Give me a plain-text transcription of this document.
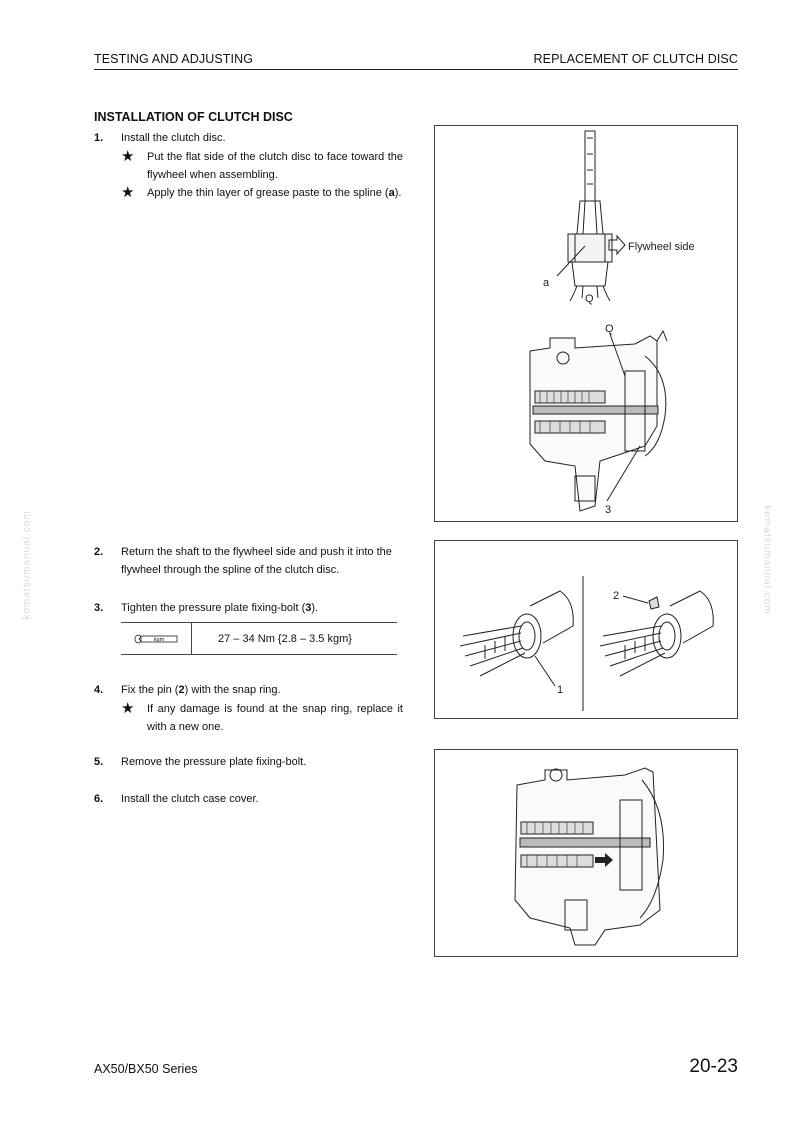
TESTING AND ADJUSTING	REPLACEMENT OF CLUTCH DISC
INSTALLATION OF CLUTCH DISC
1. Install the clutch disc.
★ Put the flat side of the clutch disc to face toward the flywheel when assembling.
★ Apply the thin layer of grease paste to the spline (a).
Flywheel side
a
Q
Q
3
2. Return the shaft to the flywheel side and push it into the flywheel through the spline of the clutch disc.
3. Tighten the pressure plate fixing-bolt (3).
kgm	27 – 34 Nm {2.8 – 3.5 kgm}
4. Fix the pin (2) with the snap ring.
★ If any damage is found at the snap ring, replace it with a new one.
5. Remove the pressure plate fixing-bolt.
6. Install the clutch case cover.
1
2
komatsumanual.com	komatsumanual.com
AX50/BX50 Series	20-23
